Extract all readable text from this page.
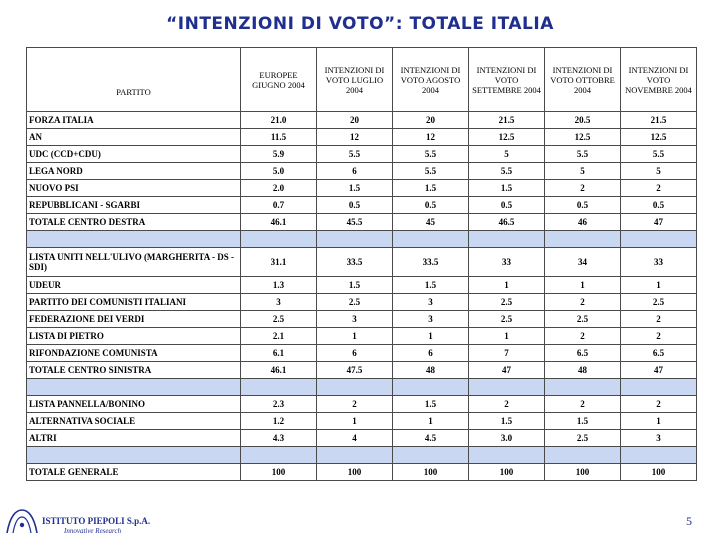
“INTENZIONI DI VOTO”: TOTALE ITALIA
PARTITO	EUROPEE GIUGNO 2004	INTENZIONI DI VOTO LUGLIO 2004	INTENZIONI DI VOTO AGOSTO 2004	INTENZIONI DI VOTO SETTEMBRE 2004	INTENZIONI DI VOTO OTTOBRE 2004	INTENZIONI DI VOTO NOVEMBRE 2004
FORZA ITALIA	21.0	20	20	21.5	20.5	21.5
AN	11.5	12	12	12.5	12.5	12.5
UDC (CCD+CDU)	5.9	5.5	5.5	5	5.5	5.5
LEGA NORD	5.0	6	5.5	5.5	5	5
NUOVO PSI	2.0	1.5	1.5	1.5	2	2
REPUBBLICANI - SGARBI	0.7	0.5	0.5	0.5	0.5	0.5
TOTALE CENTRO DESTRA	46.1	45.5	45	46.5	46	47

LISTA UNITI NELL'ULIVO (MARGHERITA - DS - SDI)	31.1	33.5	33.5	33	34	33
UDEUR	1.3	1.5	1.5	1	1	1
PARTITO DEI COMUNISTI ITALIANI	3	2.5	3	2.5	2	2.5
FEDERAZIONE DEI VERDI	2.5	3	3	2.5	2.5	2
LISTA DI PIETRO	2.1	1	1	1	2	2
RIFONDAZIONE COMUNISTA	6.1	6	6	7	6.5	6.5
TOTALE CENTRO SINISTRA	46.1	47.5	48	47	48	47

LISTA PANNELLA/BONINO	2.3	2	1.5	2	2	2
ALTERNATIVA SOCIALE	1.2	1	1	1.5	1.5	1
ALTRI	4.3	4	4.5	3.0	2.5	3

TOTALE GENERALE	100	100	100	100	100	100
ISTITUTO PIEPOLI S.p.A.
Innovative Research
5
